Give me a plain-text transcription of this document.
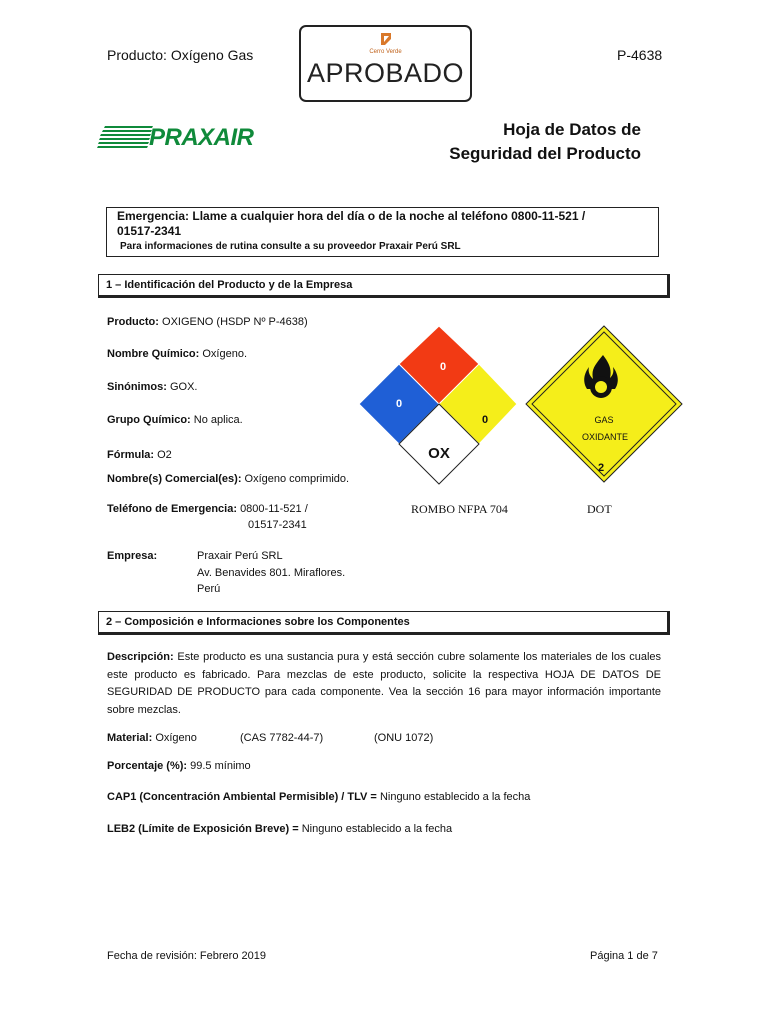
Producto: Oxígeno Gas	P-4638
Cerro Verde
APROBADO
PRAXAIR	Hoja de Datos de
Seguridad del Producto
Emergencia: Llame a cualquier hora del día o de la noche al teléfono 0800-11-521 /
01517-2341
Para informaciones de rutina consulte a su proveedor Praxair Perú SRL
1 – Identificación del Producto y de la Empresa
Producto: OXIGENO (HSDP Nº P-4638)
Nombre Químico: Oxígeno.
Sinónimos: GOX.
Grupo Químico: No aplica.
Fórmula: O2
Nombre(s) Comercial(es): Oxígeno comprimido.
Teléfono de Emergencia: 0800-11-521 /
01517-2341
Empresa:	Praxair Perú SRL
Av. Benavides 801. Miraflores.
Perú
0
0
0
OX
ROMBO NFPA 704
GAS
OXIDANTE
2
DOT
2 – Composición e Informaciones sobre los Componentes
Descripción: Este producto es una sustancia pura y está sección cubre solamente los materiales de los cuales este producto es fabricado. Para mezclas de este producto, solicite la respectiva HOJA DE DATOS DE SEGURIDAD DE PRODUCTO para cada componente. Vea la sección 16 para mayor información importante sobre mezclas.
Material: Oxígeno	(CAS 7782-44-7)	(ONU 1072)
Porcentaje (%): 99.5 mínimo
CAP1 (Concentración Ambiental Permisible) / TLV = Ninguno establecido a la fecha
LEB2 (Límite de Exposición Breve) = Ninguno establecido a la fecha
Fecha de revisión: Febrero 2019	Página 1 de 7
